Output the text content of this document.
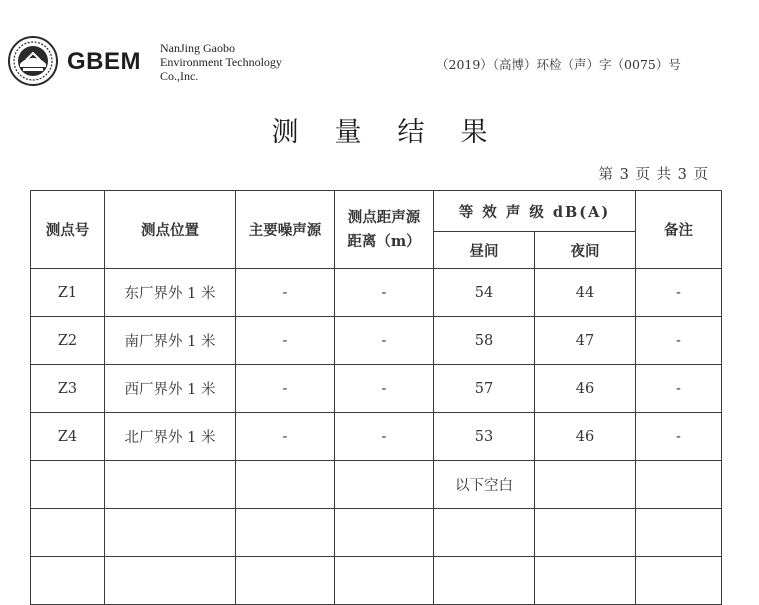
GBEM NanJing Gaobo
Environment Technology
Co.,Inc.
（2019）（高博）环检（声）字（0075）号
测量结果
第 3 页 共 3 页
测点号	测点位置	主要噪声源	测点距声源距离（m）	等 效 声 级 dB(A)		备注
				昼间	夜间	
Z1	东厂界外 1 米	-	-	54	44	-
Z2	南厂界外 1 米	-	-	58	47	-
Z3	西厂界外 1 米	-	-	57	46	-
Z4	北厂界外 1 米	-	-	53	46	-
				以下空白		
